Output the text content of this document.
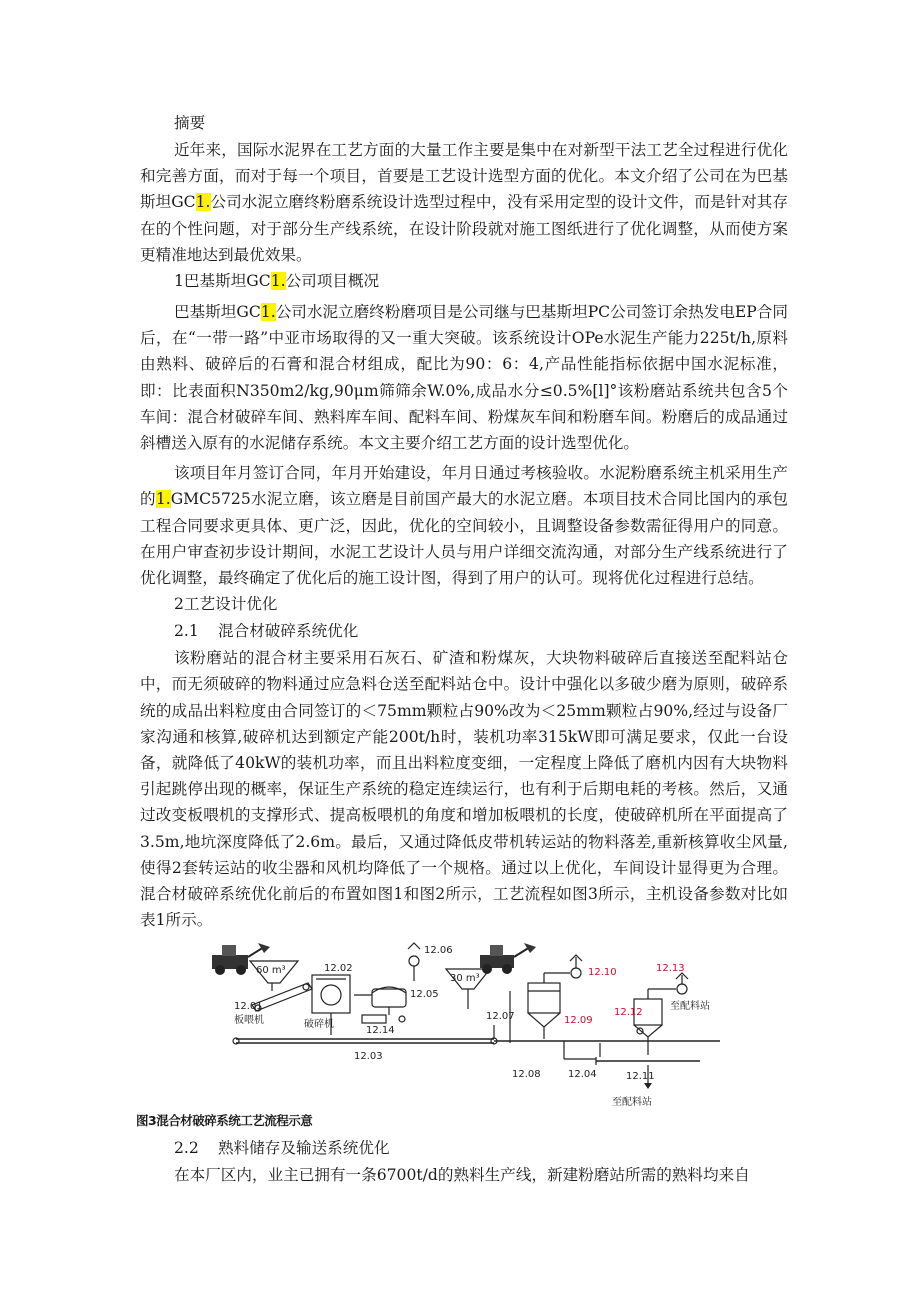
摘要

近年来，国际水泥界在工艺方面的大量工作主要是集中在对新型干法工艺全过程进行优化和完善方面，而对于每一个项目，首要是工艺设计选型方面的优化。本文介绍了公司在为巴基斯坦GC1.公司水泥立磨终粉磨系统设计选型过程中，没有采用定型的设计文件，而是针对其存在的个性问题，对于部分生产线系统，在设计阶段就对施工图纸进行了优化调整，从而使方案更精准地达到最优效果。

1巴基斯坦GC1.公司项目概况

巴基斯坦GC1.公司水泥立磨终粉磨项目是公司继与巴基斯坦PC公司签订余热发电EP合同后，在“一带一路”中亚市场取得的又一重大突破。该系统设计OPe水泥生产能力225t/h,原料由熟料、破碎后的石膏和混合材组成，配比为90：6：4,产品性能指标依据中国水泥标准，即：比表面积N350m2/kg,90μm筛筛余W.0%,成品水分≤0.5%[l]°该粉磨站系统共包含5个车间：混合材破碎车间、熟料库车间、配料车间、粉煤灰车间和粉磨车间。粉磨后的成品通过斜槽送入原有的水泥储存系统。本文主要介绍工艺方面的设计选型优化。

该项目年月签订合同，年月开始建设，年月日通过考核验收。水泥粉磨系统主机采用生产的1.GMC5725水泥立磨，该立磨是目前国产最大的水泥立磨。本项目技术合同比国内的承包工程合同要求更具体、更广泛，因此，优化的空间较小，且调整设备参数需征得用户的同意。在用户审查初步设计期间，水泥工艺设计人员与用户详细交流沟通，对部分生产线系统进行了优化调整，最终确定了优化后的施工设计图，得到了用户的认可。现将优化过程进行总结。

2工艺设计优化

2.1 混合材破碎系统优化

该粉磨站的混合材主要采用石灰石、矿渣和粉煤灰，大块物料破碎后直接送至配料站仓中，而无须破碎的物料通过应急料仓送至配料站仓中。设计中强化以多破少磨为原则，破碎系统的成品出料粒度由合同签订的＜75mm颗粒占90%改为＜25mm颗粒占90%,经过与设备厂家沟通和核算,破碎机达到额定产能200t/h时，装机功率315kW即可满足要求，仅此一台设备，就降低了40kW的装机功率，而且出料粒度变细，一定程度上降低了磨机内因有大块物料引起跳停出现的概率，保证生产系统的稳定连续运行，也有利于后期电耗的考核。然后，又通过改变板喂机的支撑形式、提高板喂机的角度和增加板喂机的长度，使破碎机所在平面提高了3.5m,地坑深度降低了2.6m。最后，又通过降低皮带机转运站的物料落差,重新核算收尘风量,使得2套转运站的收尘器和风机均降低了一个规格。通过以上优化，车间设计显得更为合理。混合材破碎系统优化前后的布置如图1和图2所示，工艺流程如图3所示，主机设备参数对比如表1所示。

60 m³
12.01
板喂机
12.02
破碎机
12.03
12.05
12.06
12.14
30 m³
12.07	12.09
12.10
12.08	12.04
12.12
12.13
至配料站
12.11
至配料站

图3混合材破碎系统工艺流程示意

2.2 熟料储存及输送系统优化

在本厂区内，业主已拥有一条6700t/d的熟料生产线，新建粉磨站所需的熟料均来自
